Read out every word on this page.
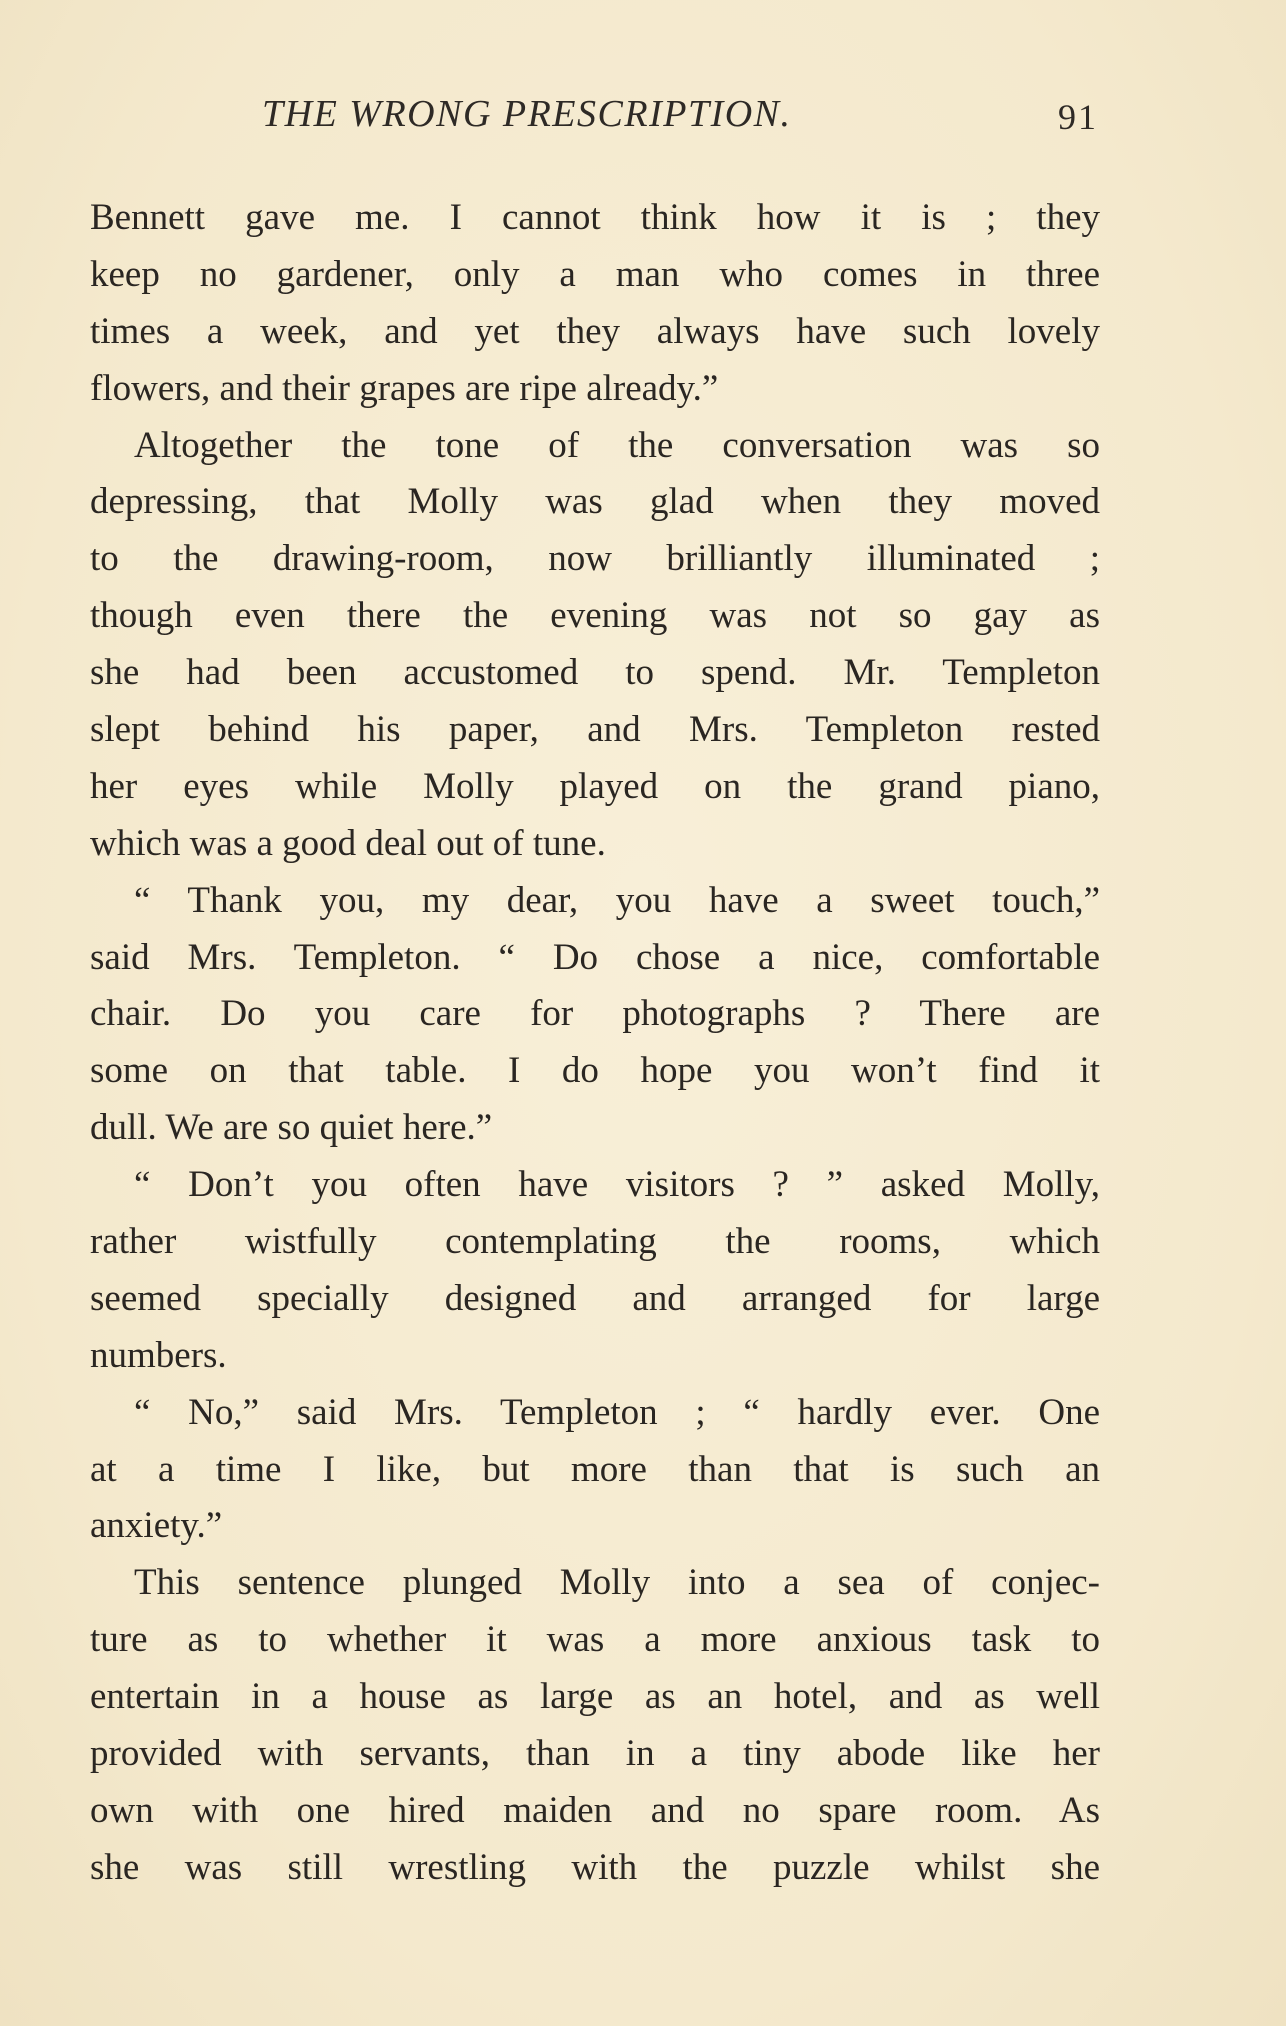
THE WRONG PRESCRIPTION.	91
Bennett gave me. I cannot think how it is ; they
keep no gardener, only a man who comes in three
times a week, and yet they always have such lovely
flowers, and their grapes are ripe already.”
Altogether the tone of the conversation was so
depressing, that Molly was glad when they moved
to the drawing-room, now brilliantly illuminated ;
though even there the evening was not so gay as
she had been accustomed to spend. Mr. Templeton
slept behind his paper, and Mrs. Templeton rested
her eyes while Molly played on the grand piano,
which was a good deal out of tune.
“ Thank you, my dear, you have a sweet touch,”
said Mrs. Templeton. “ Do chose a nice, comfortable
chair. Do you care for photographs ? There are
some on that table. I do hope you won’t find it
dull. We are so quiet here.”
“ Don’t you often have visitors ? ” asked Molly,
rather wistfully contemplating the rooms, which
seemed specially designed and arranged for large
numbers.
“ No,” said Mrs. Templeton ; “ hardly ever. One
at a time I like, but more than that is such an
anxiety.”
This sentence plunged Molly into a sea of conjec-
ture as to whether it was a more anxious task to
entertain in a house as large as an hotel, and as well
provided with servants, than in a tiny abode like her
own with one hired maiden and no spare room. As
she was still wrestling with the puzzle whilst she
